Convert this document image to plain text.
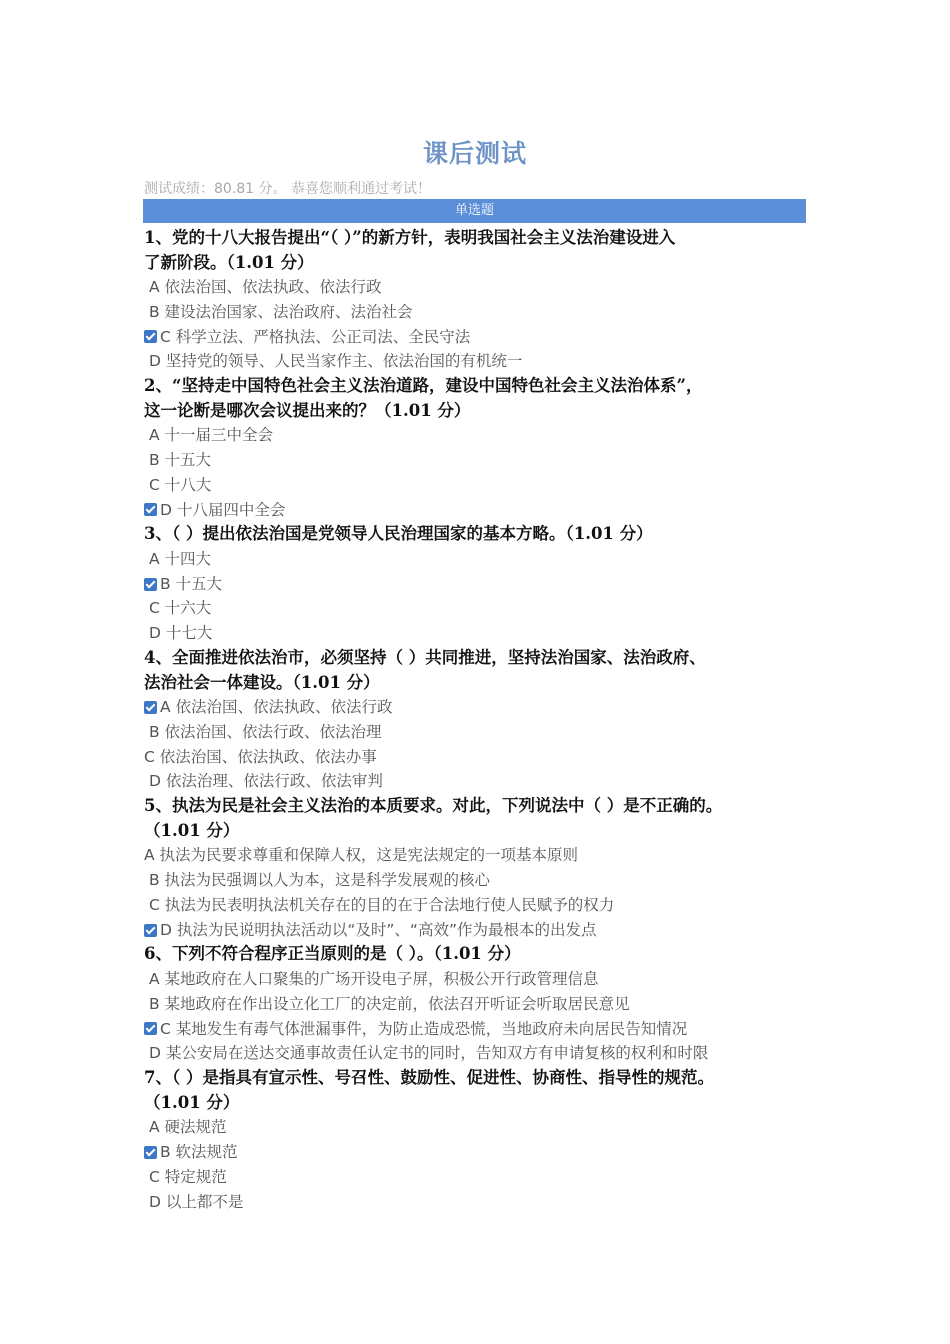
课后测试
测试成绩：80.81 分。 恭喜您顺利通过考试！
单选题
1、党的十八大报告提出“（ ）”的新方针，表明我国社会主义法治建设进入
了新阶段。（1.01 分）
A 依法治国、依法执政、依法行政
B 建设法治国家、法治政府、法治社会
C 科学立法、严格执法、公正司法、全民守法
D 坚持党的领导、人民当家作主、依法治国的有机统一
2、“坚持走中国特色社会主义法治道路，建设中国特色社会主义法治体系”，
这一论断是哪次会议提出来的？（1.01 分）
A 十一届三中全会
B 十五大
C 十八大
D 十八届四中全会
3、（ ）提出依法治国是党领导人民治理国家的基本方略。（1.01 分）
A 十四大
B 十五大
C 十六大
D 十七大
4、全面推进依法治市，必须坚持（ ）共同推进，坚持法治国家、法治政府、
法治社会一体建设。（1.01 分）
A 依法治国、依法执政、依法行政
B 依法治国、依法行政、依法治理
C 依法治国、依法执政、依法办事
D 依法治理、依法行政、依法审判
5、执法为民是社会主义法治的本质要求。对此，下列说法中（ ）是不正确的。
（1.01 分）
A 执法为民要求尊重和保障人权，这是宪法规定的一项基本原则
B 执法为民强调以人为本，这是科学发展观的核心
C 执法为民表明执法机关存在的目的在于合法地行使人民赋予的权力
D 执法为民说明执法活动以“及时”、“高效”作为最根本的出发点
6、下列不符合程序正当原则的是（ ）。（1.01 分）
A 某地政府在人口聚集的广场开设电子屏，积极公开行政管理信息
B 某地政府在作出设立化工厂的决定前，依法召开听证会听取居民意见
C 某地发生有毒气体泄漏事件，为防止造成恐慌，当地政府未向居民告知情况
D 某公安局在送达交通事故责任认定书的同时，告知双方有申请复核的权利和时限
7、（ ）是指具有宣示性、号召性、鼓励性、促进性、协商性、指导性的规范。
（1.01 分）
A 硬法规范
B 软法规范
C 特定规范
D 以上都不是
